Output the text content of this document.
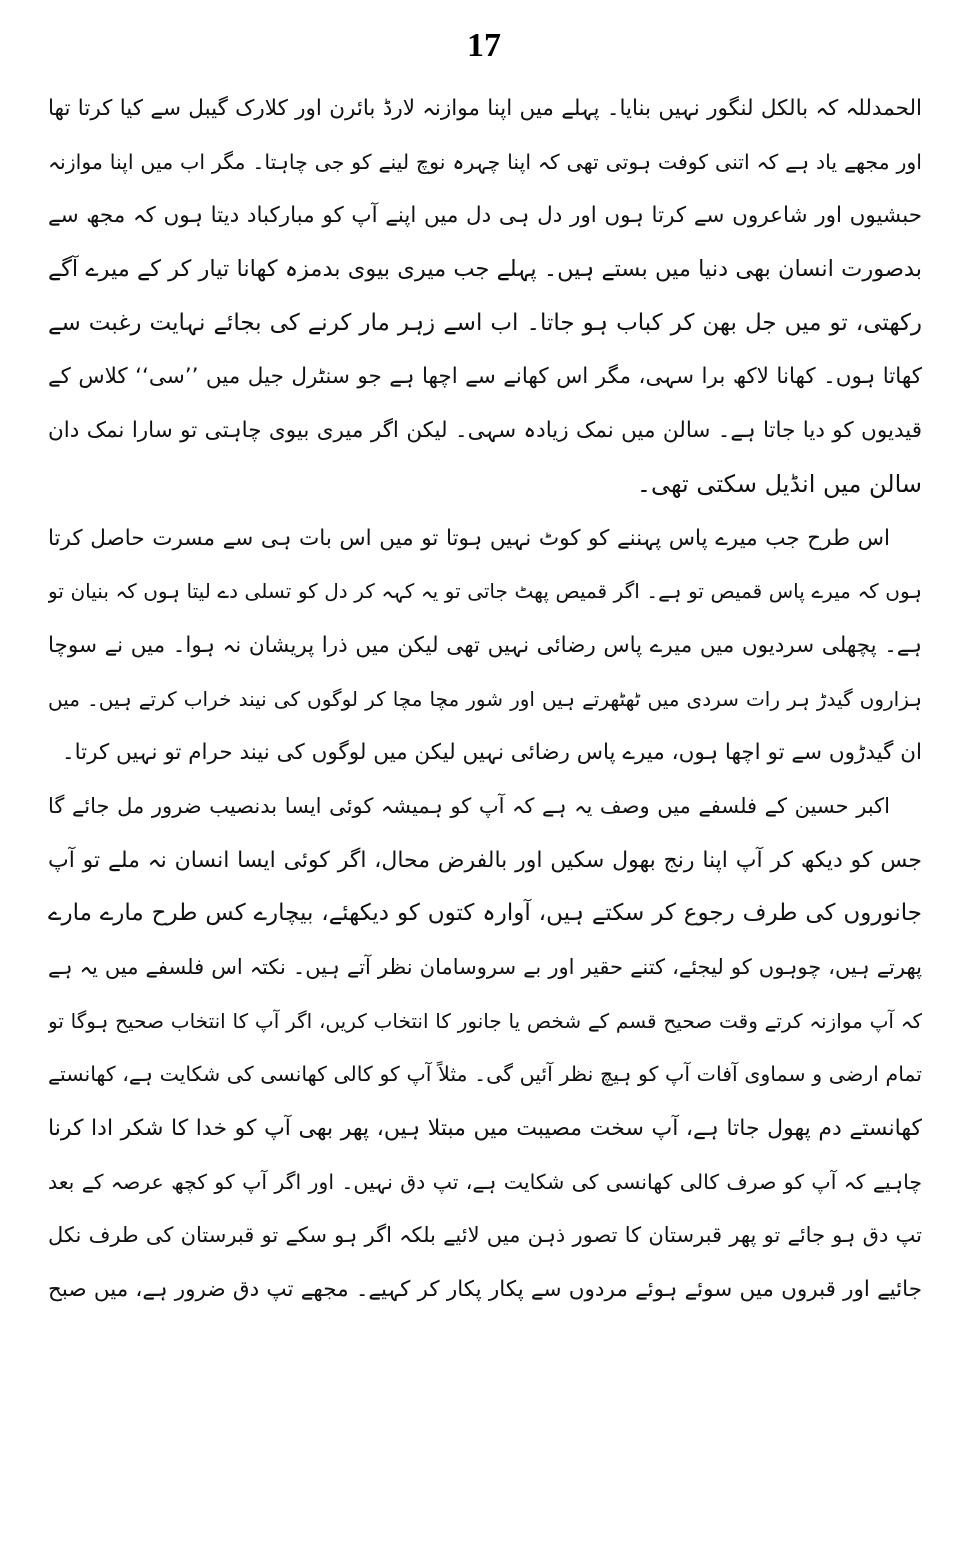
17
الحمدللہ کہ بالکل لنگور نہیں بنایا۔ پہلے میں اپنا موازنہ لارڈ بائرن اور کلارک گیبل سے کیا کرتا تھا
اور مجھے یاد ہے کہ اتنی کوفت ہوتی تھی کہ اپنا چہرہ نوچ لینے کو جی چاہتا۔ مگر اب میں اپنا موازنہ
حبشیوں اور شاعروں سے کرتا ہوں اور دل ہی دل میں اپنے آپ کو مبارکباد دیتا ہوں کہ مجھ سے
بدصورت انسان بھی دنیا میں بستے ہیں۔ پہلے جب میری بیوی بدمزہ کھانا تیار کر کے میرے آگے
رکھتی، تو میں جل بھن کر کباب ہو جاتا۔ اب اسے زہر مار کرنے کی بجائے نہایت رغبت سے
کھاتا ہوں۔ کھانا لاکھ برا سہی، مگر اس کھانے سے اچھا ہے جو سنٹرل جیل میں ’’سی‘‘ کلاس کے
قیدیوں کو دیا جاتا ہے۔ سالن میں نمک زیادہ سہی۔ لیکن اگر میری بیوی چاہتی تو سارا نمک دان
سالن میں انڈیل سکتی تھی۔
اس طرح جب میرے پاس پہننے کو کوٹ نہیں ہوتا تو میں اس بات ہی سے مسرت حاصل کرتا
ہوں کہ میرے پاس قمیص تو ہے۔ اگر قمیص پھٹ جاتی تو یہ کہہ کر دل کو تسلی دے لیتا ہوں کہ بنیان تو
ہے۔ پچھلی سردیوں میں میرے پاس رضائی نہیں تھی لیکن میں ذرا پریشان نہ ہوا۔ میں نے سوچا
ہزاروں گیدڑ ہر رات سردی میں ٹھٹھرتے ہیں اور شور مچا مچا کر لوگوں کی نیند خراب کرتے ہیں۔ میں
ان گیدڑوں سے تو اچھا ہوں، میرے پاس رضائی نہیں لیکن میں لوگوں کی نیند حرام تو نہیں کرتا۔
اکبر حسین کے فلسفے میں وصف یہ ہے کہ آپ کو ہمیشہ کوئی ایسا بدنصیب ضرور مل جائے گا
جس کو دیکھ کر آپ اپنا رنج بھول سکیں اور بالفرض محال، اگر کوئی ایسا انسان نہ ملے تو آپ
جانوروں کی طرف رجوع کر سکتے ہیں، آوارہ کتوں کو دیکھئے، بیچارے کس طرح مارے مارے
پھرتے ہیں، چوہوں کو لیجئے، کتنے حقیر اور بے سروسامان نظر آتے ہیں۔ نکتہ اس فلسفے میں یہ ہے
کہ آپ موازنہ کرتے وقت صحیح قسم کے شخص یا جانور کا انتخاب کریں، اگر آپ کا انتخاب صحیح ہوگا تو
تمام ارضی و سماوی آفات آپ کو ہیچ نظر آئیں گی۔ مثلاً آپ کو کالی کھانسی کی شکایت ہے، کھانستے
کھانستے دم پھول جاتا ہے، آپ سخت مصیبت میں مبتلا ہیں، پھر بھی آپ کو خدا کا شکر ادا کرنا
چاہیے کہ آپ کو صرف کالی کھانسی کی شکایت ہے، تپ دق نہیں۔ اور اگر آپ کو کچھ عرصہ کے بعد
تپ دق ہو جائے تو پھر قبرستان کا تصور ذہن میں لائیے بلکہ اگر ہو سکے تو قبرستان کی طرف نکل
جائیے اور قبروں میں سوئے ہوئے مردوں سے پکار پکار کر کہیے۔ مجھے تپ دق ضرور ہے، میں صبح
